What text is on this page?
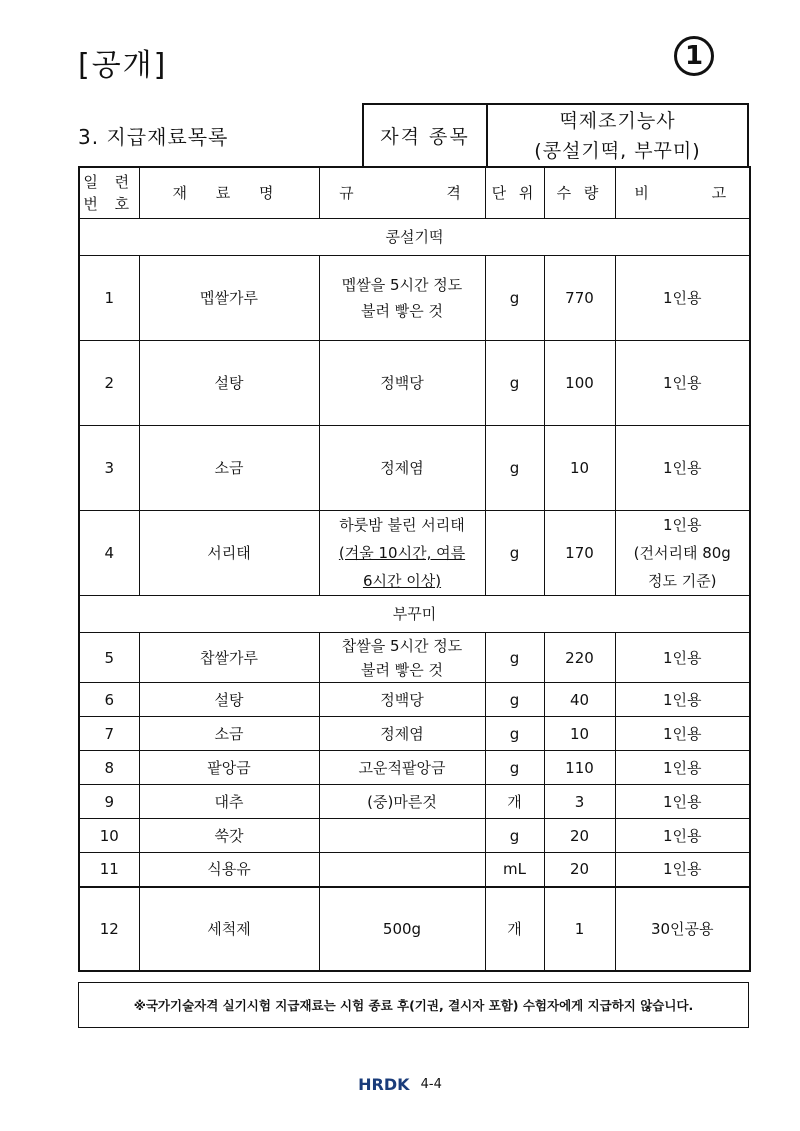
[공개]	1
3. 지급재료목록	자격 종목
떡제조기능사
(콩설기떡, 부꾸미)
일 련
번 호	재 료 명	규 격	단 위	수 량	비 고
콩설기떡					
1	멥쌀가루	멥쌀을 5시간 정도
불려 빻은 것	g	770	1인용
2	설탕	정백당	g	100	1인용
3	소금	정제염	g	10	1인용
4	서리태	하룻밤 불린 서리태
(겨울 10시간, 여름
6시간 이상)	g	170	1인용
(건서리태 80g
정도 기준)
부꾸미					
5	찹쌀가루	찹쌀을 5시간 정도
불려 빻은 것	g	220	1인용
6	설탕	정백당	g	40	1인용
7	소금	정제염	g	10	1인용
8	팥앙금	고운적팥앙금	g	110	1인용
9	대추	(중)마른것	개	3	1인용
10	쑥갓		g	20	1인용
11	식용유		mL	20	1인용
12	세척제	500g	개	1	30인공용
※국가기술자격 실기시험 지급재료는 시험 종료 후(기권, 결시자 포함) 수험자에게 지급하지 않습니다.
HRDK 4-4
